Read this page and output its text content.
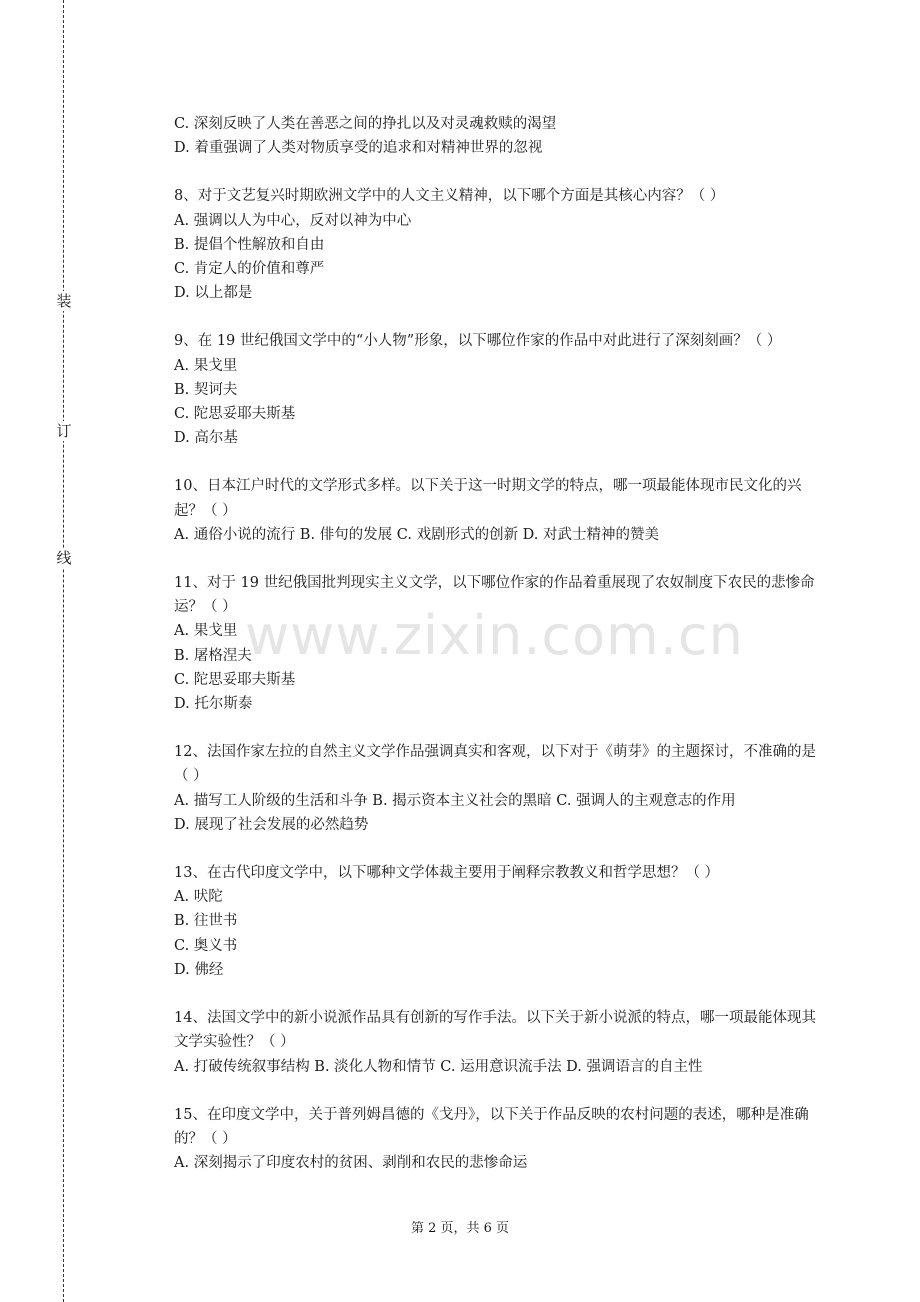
装
订
线
www.zixin.com.cn
C. 深刻反映了人类在善恶之间的挣扎以及对灵魂救赎的渴望
D. 着重强调了人类对物质享受的追求和对精神世界的忽视
8、对于文艺复兴时期欧洲文学中的人文主义精神，以下哪个方面是其核心内容？（ ）
A. 强调以人为中心，反对以神为中心
B. 提倡个性解放和自由
C. 肯定人的价值和尊严
D. 以上都是
9、在 19 世纪俄国文学中的“小人物”形象，以下哪位作家的作品中对此进行了深刻刻画？（ ）
A. 果戈里
B. 契诃夫
C. 陀思妥耶夫斯基
D. 高尔基
10、日本江户时代的文学形式多样。以下关于这一时期文学的特点，哪一项最能体现市民文化的兴起？（ ）
A. 通俗小说的流行 B. 俳句的发展 C. 戏剧形式的创新 D. 对武士精神的赞美
11、对于 19 世纪俄国批判现实主义文学，以下哪位作家的作品着重展现了农奴制度下农民的悲惨命运？（ ）
A. 果戈里
B. 屠格涅夫
C. 陀思妥耶夫斯基
D. 托尔斯泰
12、法国作家左拉的自然主义文学作品强调真实和客观，以下对于《萌芽》的主题探讨，不准确的是（ ）
A. 描写工人阶级的生活和斗争 B. 揭示资本主义社会的黑暗 C. 强调人的主观意志的作用
D. 展现了社会发展的必然趋势
13、在古代印度文学中，以下哪种文学体裁主要用于阐释宗教教义和哲学思想？（ ）
A. 吠陀
B. 往世书
C. 奥义书
D. 佛经
14、法国文学中的新小说派作品具有创新的写作手法。以下关于新小说派的特点，哪一项最能体现其文学实验性？（ ）
A. 打破传统叙事结构 B. 淡化人物和情节 C. 运用意识流手法 D. 强调语言的自主性
15、在印度文学中，关于普列姆昌德的《戈丹》，以下关于作品反映的农村问题的表述，哪种是准确的？（ ）
A. 深刻揭示了印度农村的贫困、剥削和农民的悲惨命运
第 2 页，共 6 页
